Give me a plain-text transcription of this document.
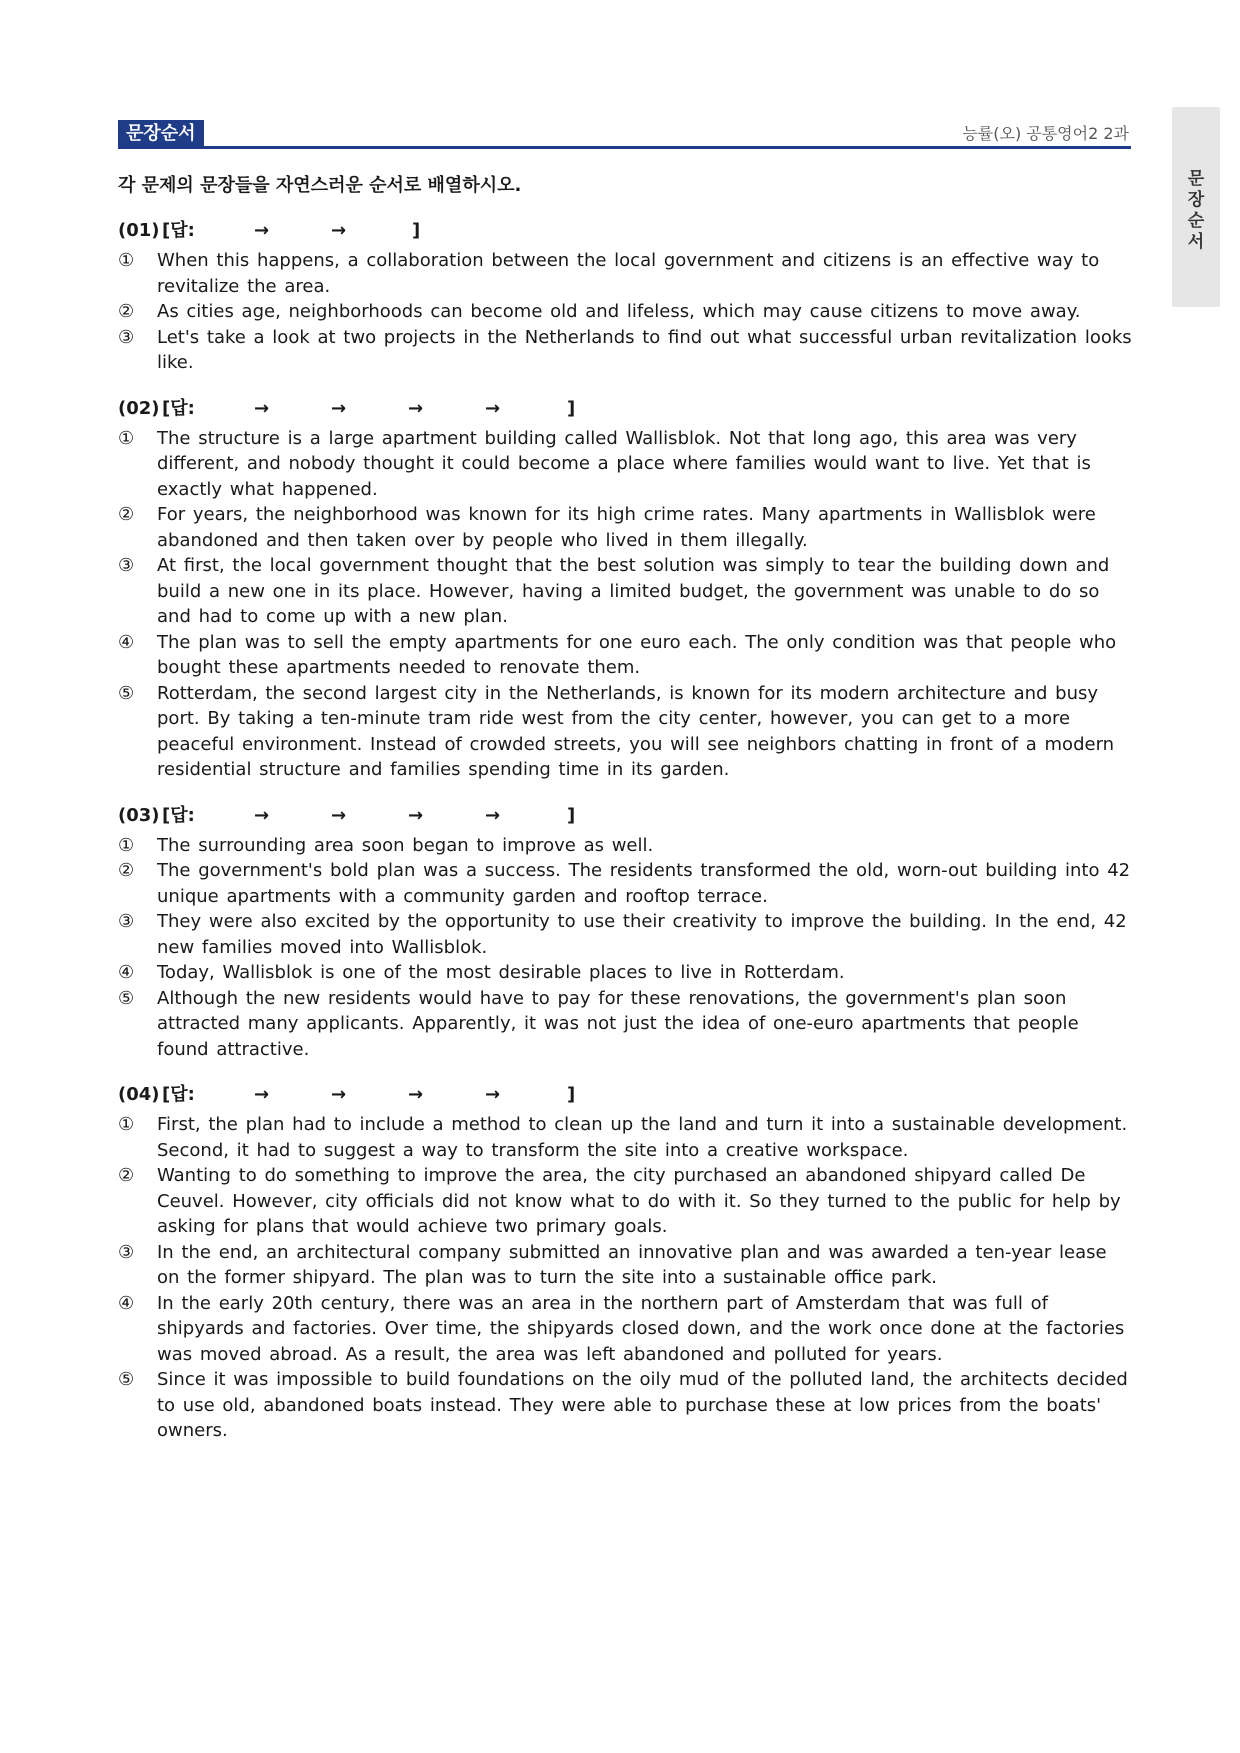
문
장
순
서
문장순서	능률(오) 공통영어2 2과
각 문제의 문장들을 자연스러운 순서로 배열하시오.
(01) [답:	→	→	]
①	When this happens, a collaboration between the local government and citizens is an effective way to revitalize the area.
②	As cities age, neighborhoods can become old and lifeless, which may cause citizens to move away.
③	Let's take a look at two projects in the Netherlands to find out what successful urban revitalization looks like.
(02) [답:	→	→	→	→	]
①	The structure is a large apartment building called Wallisblok. Not that long ago, this area was very different, and nobody thought it could become a place where families would want to live. Yet that is exactly what happened.
②	For years, the neighborhood was known for its high crime rates. Many apartments in Wallisblok were abandoned and then taken over by people who lived in them illegally.
③	At first, the local government thought that the best solution was simply to tear the building down and build a new one in its place. However, having a limited budget, the government was unable to do so and had to come up with a new plan.
④	The plan was to sell the empty apartments for one euro each. The only condition was that people who bought these apartments needed to renovate them.
⑤	Rotterdam, the second largest city in the Netherlands, is known for its modern architecture and busy port. By taking a ten-minute tram ride west from the city center, however, you can get to a more peaceful environment. Instead of crowded streets, you will see neighbors chatting in front of a modern residential structure and families spending time in its garden.
(03) [답:	→	→	→	→	]
①	The surrounding area soon began to improve as well.
②	The government's bold plan was a success. The residents transformed the old, worn-out building into 42 unique apartments with a community garden and rooftop terrace.
③	They were also excited by the opportunity to use their creativity to improve the building. In the end, 42 new families moved into Wallisblok.
④	Today, Wallisblok is one of the most desirable places to live in Rotterdam.
⑤	Although the new residents would have to pay for these renovations, the government's plan soon attracted many applicants. Apparently, it was not just the idea of one-euro apartments that people found attractive.
(04) [답:	→	→	→	→	]
①	First, the plan had to include a method to clean up the land and turn it into a sustainable development. Second, it had to suggest a way to transform the site into a creative workspace.
②	Wanting to do something to improve the area, the city purchased an abandoned shipyard called De Ceuvel. However, city officials did not know what to do with it. So they turned to the public for help by asking for plans that would achieve two primary goals.
③	In the end, an architectural company submitted an innovative plan and was awarded a ten-year lease on the former shipyard. The plan was to turn the site into a sustainable office park.
④	In the early 20th century, there was an area in the northern part of Amsterdam that was full of shipyards and factories. Over time, the shipyards closed down, and the work once done at the factories was moved abroad. As a result, the area was left abandoned and polluted for years.
⑤	Since it was impossible to build foundations on the oily mud of the polluted land, the architects decided to use old, abandoned boats instead. They were able to purchase these at low prices from the boats' owners.
